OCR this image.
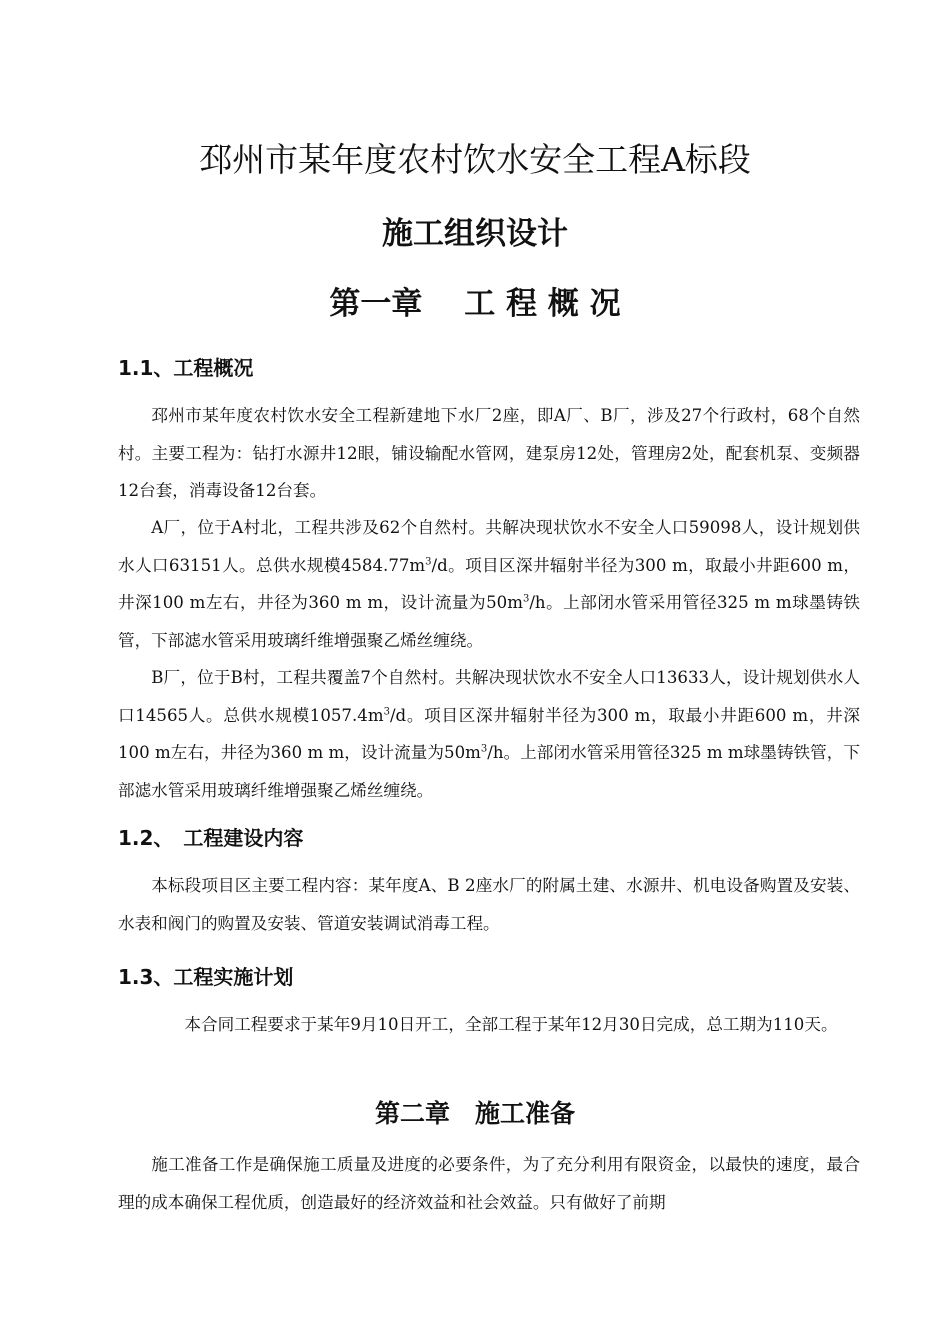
邳州市某年度农村饮水安全工程A标段
施工组织设计
第一章　 工 程 概 况
1.1、工程概况
邳州市某年度农村饮水安全工程新建地下水厂2座，即A厂、B厂，涉及27个行政村，68个自然村。主要工程为：钻打水源井12眼，铺设输配水管网，建泵房12处，管理房2处，配套机泵、变频器12台套，消毒设备12台套。
A厂，位于A村北，工程共涉及62个自然村。共解决现状饮水不安全人口59098人，设计规划供水人口63151人。总供水规模$4584.77m^3/d$。项目区深井辐射半径为300 m，取最小井距600 m，井深100 m左右，井径为360 m m，设计流量为$50m^3/h$。上部闭水管采用管径325 m m球墨铸铁管，下部滤水管采用玻璃纤维增强聚乙烯丝缠绕。
B厂，位于B村，工程共覆盖7个自然村。共解决现状饮水不安全人口13633人，设计规划供水人口14565人。总供水规模$1057.4m^3/d$。项目区深井辐射半径为300 m，取最小井距600 m，井深100 m左右，井径为360 m m，设计流量为$50m^3/h$。上部闭水管采用管径325 m m球墨铸铁管，下部滤水管采用玻璃纤维增强聚乙烯丝缠绕。
1.2、　工程建设内容
本标段项目区主要工程内容：某年度A、B 2座水厂的附属土建、水源井、机电设备购置及安装、水表和阀门的购置及安装、管道安装调试消毒工程。
1.3、工程实施计划
本合同工程要求于某年9月10日开工，全部工程于某年12月30日完成，总工期为110天。
第二章　施工准备
施工准备工作是确保施工质量及进度的必要条件，为了充分利用有限资金，以最快的速度，最合理的成本确保工程优质，创造最好的经济效益和社会效益。只有做好了前期
